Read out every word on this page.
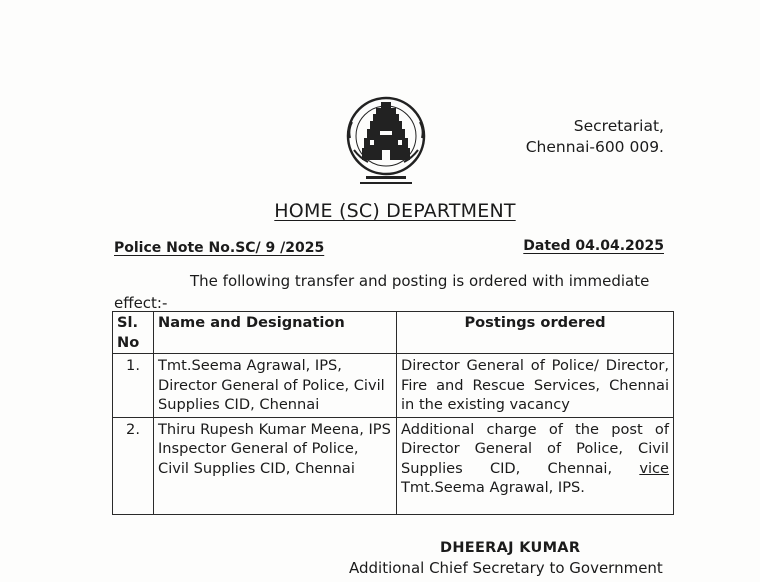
Secretariat,
Chennai-600 009.
HOME (SC) DEPARTMENT
Police Note No.SC/ 9 /2025	Dated 04.04.2025
The following transfer and posting is ordered with immediate
effect:-
Sl. No	Name and Designation	Postings ordered
1.	Tmt.Seema Agrawal, IPS, Director General of Police, Civil Supplies CID, Chennai	Director General of Police/ Director, Fire and Rescue Services, Chennai in the existing vacancy
2.	Thiru Rupesh Kumar Meena, IPS Inspector General of Police, Civil Supplies CID, Chennai	Additional charge of the post of Director General of Police, Civil Supplies CID, Chennai, vice Tmt.Seema Agrawal, IPS.
DHEERAJ KUMAR
Additional Chief Secretary to Government
